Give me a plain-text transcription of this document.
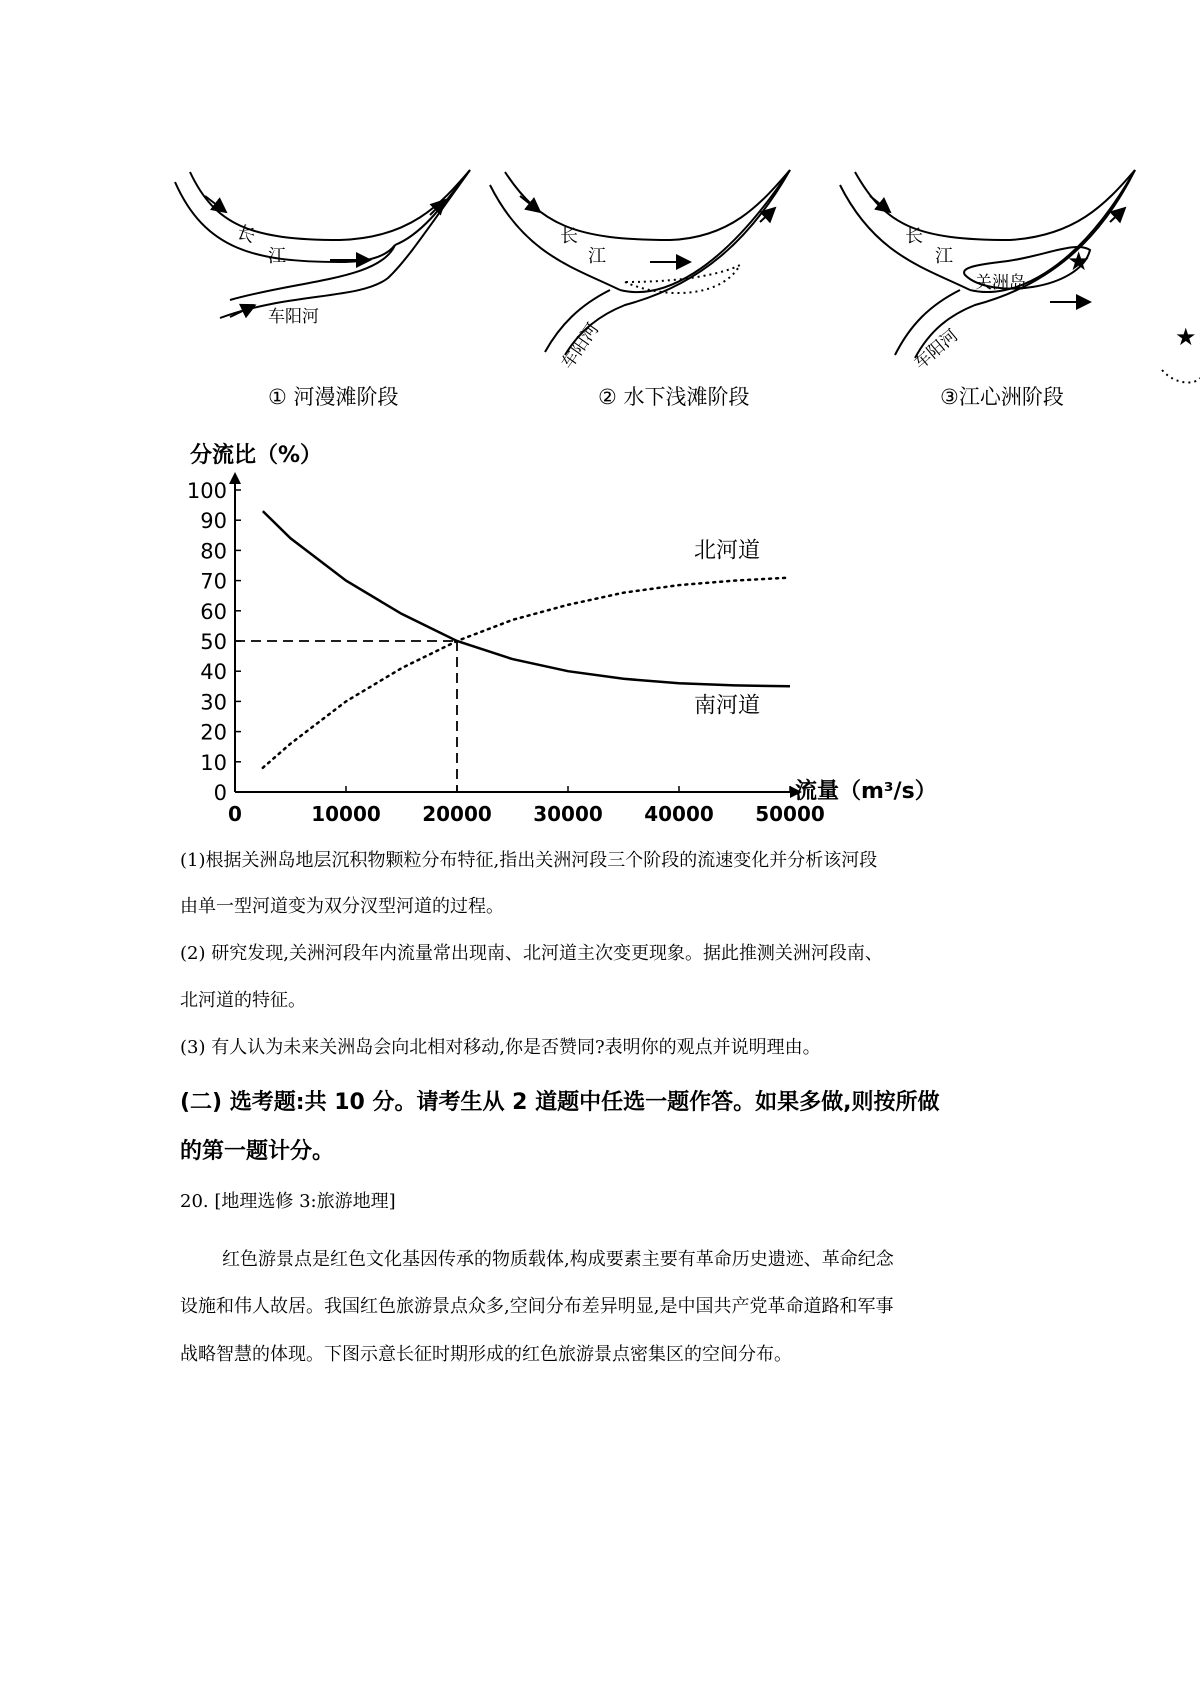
长
江
车阳河
长
江
车阳河
长
江
关洲岛
车阳河
★
★
① 河漫滩阶段	② 水下浅滩阶段	③江心洲阶段
0
10
20
30
40
50
60
70
80
90
100
0	10000 20000 30000 40000 50000
分流比（%）
流量（m³/s）
北河道
南河道
(1)根据关洲岛地层沉积物颗粒分布特征,指出关洲河段三个阶段的流速变化并分析该河段
由单一型河道变为双分汊型河道的过程。
(2) 研究发现,关洲河段年内流量常出现南、北河道主次变更现象。据此推测关洲河段南、
北河道的特征。
(3) 有人认为未来关洲岛会向北相对移动,你是否赞同?表明你的观点并说明理由。
(二) 选考题:共 10 分。请考生从 2 道题中任选一题作答。如果多做,则按所做
的第一题计分。
20. [地理选修 3:旅游地理]
红色游景点是红色文化基因传承的物质载体,构成要素主要有革命历史遗迹、革命纪念
设施和伟人故居。我国红色旅游景点众多,空间分布差异明显,是中国共产党革命道路和军事
战略智慧的体现。下图示意长征时期形成的红色旅游景点密集区的空间分布。
